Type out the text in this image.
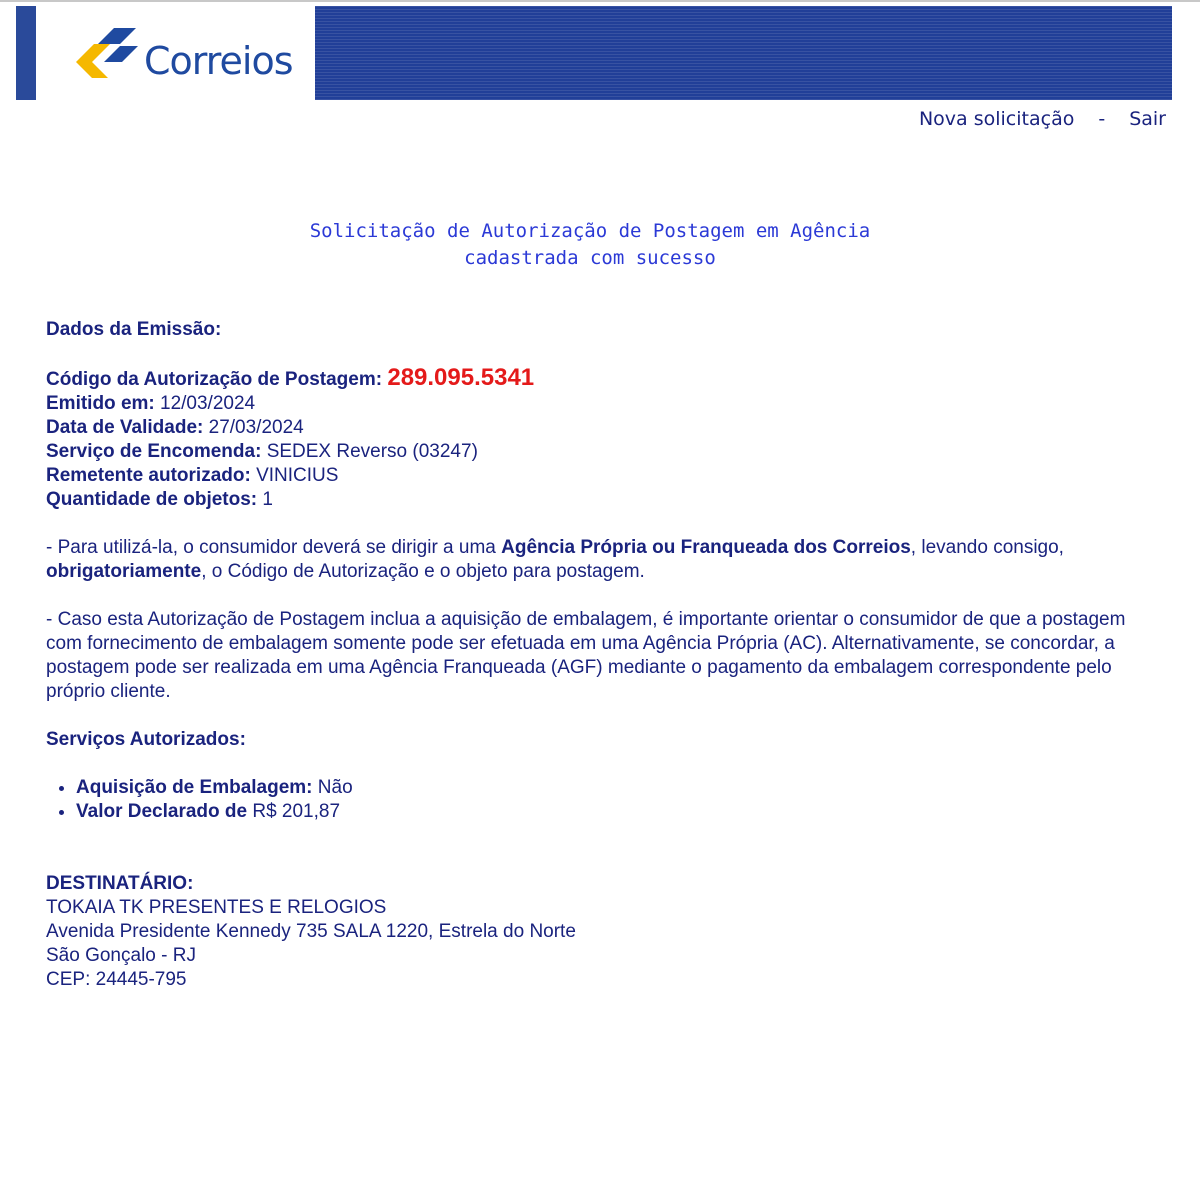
Correios
Nova solicitação - Sair
Solicitação de Autorização de Postagem em Agência
cadastrada com sucesso
Dados da Emissão:
Código da Autorização de Postagem: 289.095.5341
Emitido em: 12/03/2024
Data de Validade: 27/03/2024
Serviço de Encomenda: SEDEX Reverso (03247)
Remetente autorizado: VINICIUS
Quantidade de objetos: 1
- Para utilizá-la, o consumidor deverá se dirigir a uma Agência Própria ou Franqueada dos Correios, levando consigo, obrigatoriamente, o Código de Autorização e o objeto para postagem.
- Caso esta Autorização de Postagem inclua a aquisição de embalagem, é importante orientar o consumidor de que a postagem com fornecimento de embalagem somente pode ser efetuada em uma Agência Própria (AC). Alternativamente, se concordar, a postagem pode ser realizada em uma Agência Franqueada (AGF) mediante o pagamento da embalagem correspondente pelo próprio cliente.
Serviços Autorizados:
• Aquisição de Embalagem: Não
• Valor Declarado de R$ 201,87
DESTINATÁRIO:
TOKAIA TK PRESENTES E RELOGIOS
Avenida Presidente Kennedy 735 SALA 1220, Estrela do Norte
São Gonçalo - RJ
CEP: 24445-795
